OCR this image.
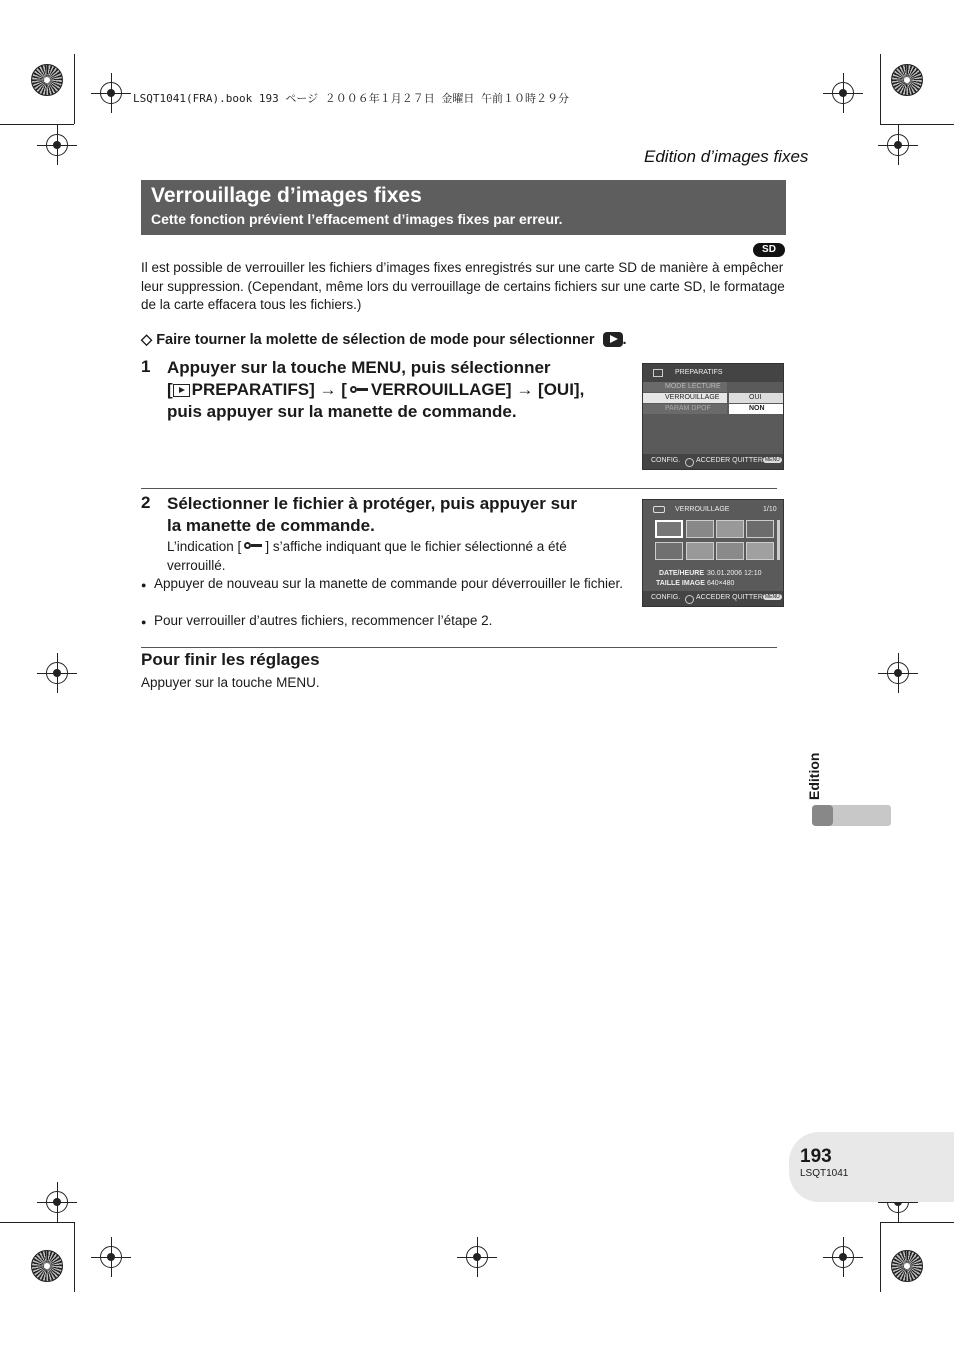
LSQT1041(FRA).book 193 ページ ２００６年１月２７日 金曜日 午前１０時２９分
Edition d’images fixes
Verrouillage d’images fixes

Cette fonction prévient l’effacement d’images fixes par erreur.

SD
Il est possible de verrouiller les fichiers d’images fixes enregistrés sur une carte SD de manière à empêcher leur suppression. (Cependant, même lors du verrouillage de certains fichiers sur une carte SD, le formatage de la carte effacera tous les fichiers.)
◇ Faire tourner la molette de sélection de mode pour sélectionner .
1 Appuyer sur la touche MENU, puis sélectionner
[ PREPARATIFS] → [ VERROUILLAGE] → [OUI],
puis appuyer sur la manette de commande.
PREPARATIFS
MODE LECTURE
VERROUILLAGE
PARAM DPOF
OUI
NON
CONFIG. ACCEDER QUITTER MENU
2 Sélectionner le fichier à protéger, puis appuyer sur
la manette de commande.
L’indication [ ] s’affiche indiquant que le fichier sélectionné a été
verrouillé.
● Appuyer de nouveau sur la manette de commande pour déverrouiller le fichier.
● Pour verrouiller d’autres fichiers, recommencer l’étape 2.
VERROUILLAGE	1/10
DATE/HEURE 30.01.2006 12:10
TAILLE IMAGE 640×480
CONFIG. ACCEDER QUITTER MENU
Pour finir les réglages
Appuyer sur la touche MENU.
Edition
193
LSQT1041
